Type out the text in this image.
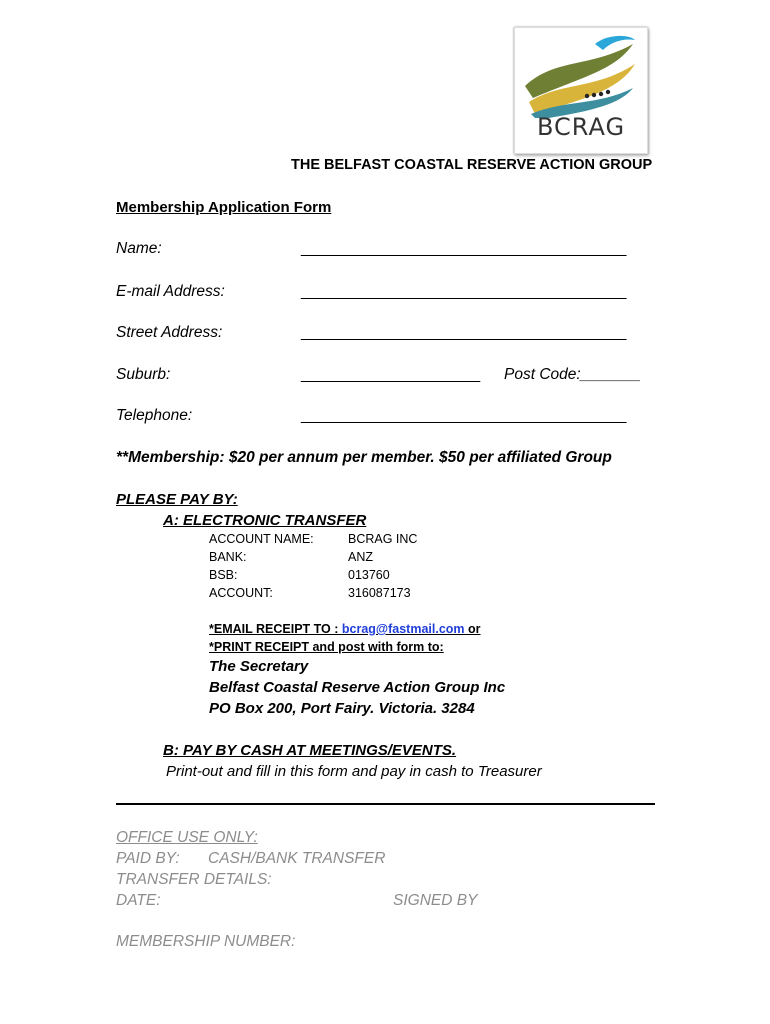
BCRAG
THE BELFAST COASTAL RESERVE ACTION GROUP
Membership Application Form
Name:	________________________________________
E-mail Address:	________________________________________
Street Address:	________________________________________
Suburb:	______________________ Post Code:_______
Telephone:	________________________________________
**Membership: $20 per annum per member. $50 per affiliated Group
PLEASE PAY BY:
A: ELECTRONIC TRANSFER
ACCOUNT NAME:	BCRAG INC
BANK:	ANZ
BSB:	013760
ACCOUNT:	316087173
*EMAIL RECEIPT TO : bcrag@fastmail.com or
*PRINT RECEIPT and post with form to:
The Secretary
Belfast Coastal Reserve Action Group Inc
PO Box 200, Port Fairy. Victoria. 3284
B: PAY BY CASH AT MEETINGS/EVENTS.
Print-out and fill in this form and pay in cash to Treasurer
OFFICE USE ONLY:
PAID BY: CASH/BANK TRANSFER
TRANSFER DETAILS:
DATE:	SIGNED BY
MEMBERSHIP NUMBER:
